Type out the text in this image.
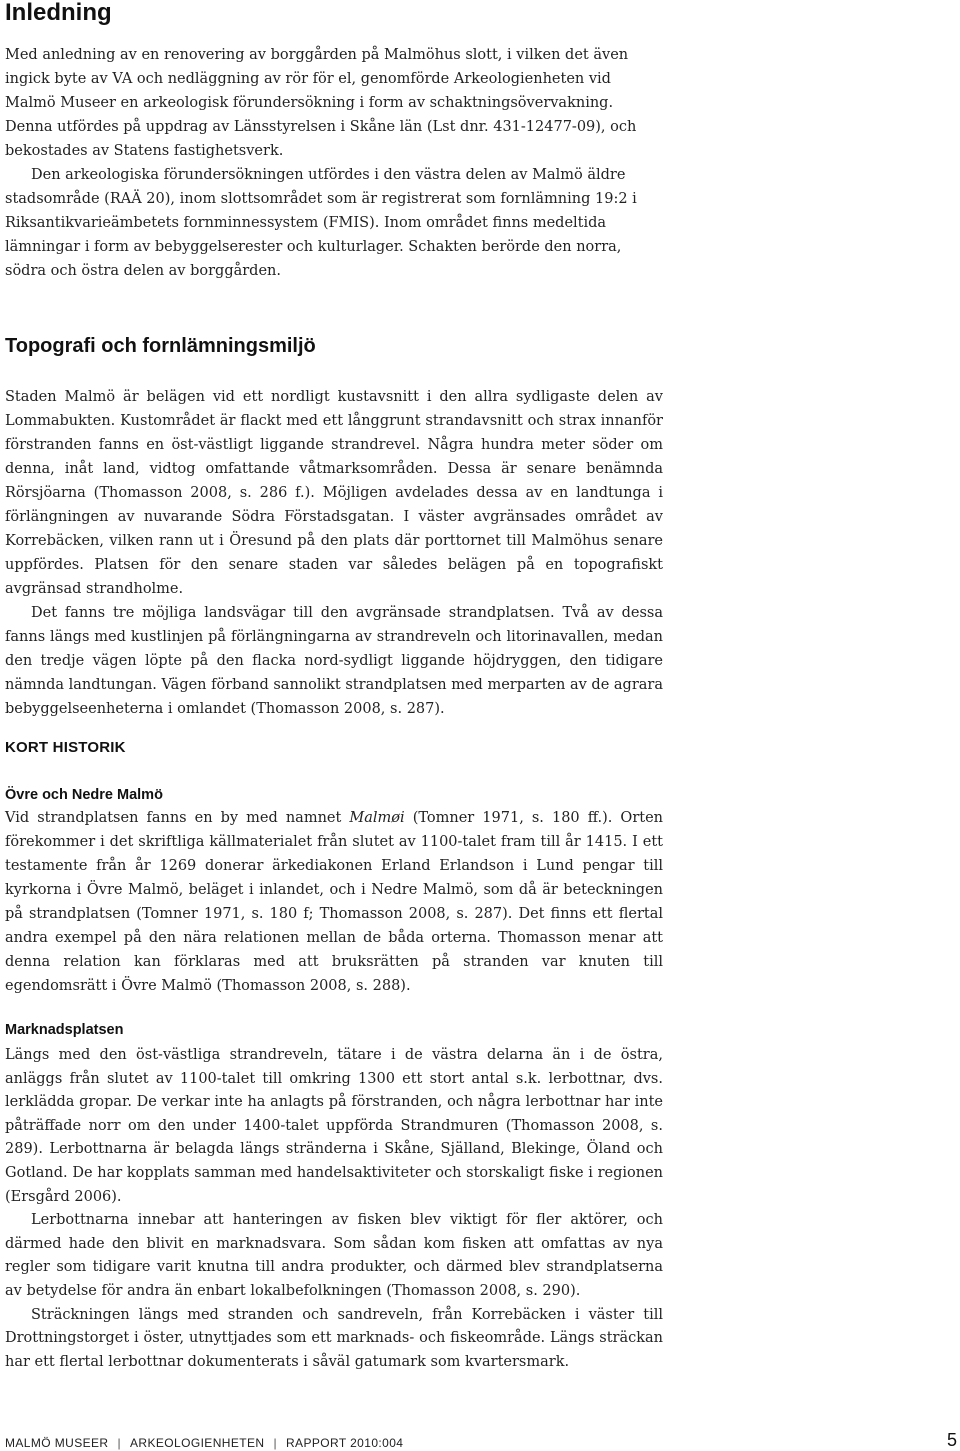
Inledning

Med anledning av en renovering av borggården på Malmöhus slott, i vilken det även ingick byte av VA och nedläggning av rör för el, genomförde Arkeologienheten vid Malmö Museer en arkeologisk förundersökning i form av schaktningsövervakning. Denna utfördes på uppdrag av Länsstyrelsen i Skåne län (Lst dnr. 431-12477-09), och bekostades av Statens fastighetsverk.

Den arkeologiska förundersökningen utfördes i den västra delen av Malmö äldre stadsområde (RAÄ 20), inom slottsområdet som är registrerat som fornlämning 19:2 i Riksantikvarieämbetets fornminnessystem (FMIS). Inom området finns medeltida lämningar i form av bebyggelserester och kulturlager. Schakten berörde den norra, södra och östra delen av borggården.

Topografi och fornlämningsmiljö

Staden Malmö är belägen vid ett nordligt kustavsnitt i den allra sydligaste delen av Lommabukten. Kustområdet är flackt med ett långgrunt strandavsnitt och strax innanför förstranden fanns en öst-västligt liggande strandrevel. Några hundra meter söder om denna, inåt land, vidtog omfattande våtmarksområden. Dessa är senare benämnda Rörsjöarna (Thomasson 2008, s. 286 f.). Möjligen avdelades dessa av en landtunga i förlängningen av nuvarande Södra Förstadsgatan. I väster avgränsades området av Korrebäcken, vilken rann ut i Öresund på den plats där porttornet till Malmöhus senare uppfördes. Platsen för den senare staden var således belägen på en topografiskt avgränsad strandholme.

Det fanns tre möjliga landsvägar till den avgränsade strandplatsen. Två av dessa fanns längs med kustlinjen på förlängningarna av strandreveln och litorinavallen, medan den tredje vägen löpte på den flacka nord-sydligt liggande höjdryggen, den tidigare nämnda landtungan. Vägen förband sannolikt strandplatsen med merparten av de agrara bebyggelseenheterna i omlandet (Thomasson 2008, s. 287).

KORT HISTORIK
Övre och Nedre Malmö

Vid strandplatsen fanns en by med namnet Malmøi (Tomner 1971, s. 180 ff.). Orten förekommer i det skriftliga källmaterialet från slutet av 1100-talet fram till år 1415. I ett testamente från år 1269 donerar ärkediakonen Erland Erlandson i Lund pengar till kyrkorna i Övre Malmö, beläget i inlandet, och i Nedre Malmö, som då är beteckningen på strandplatsen (Tomner 1971, s. 180 f; Thomasson 2008, s. 287). Det finns ett flertal andra exempel på den nära relationen mellan de båda orterna. Thomasson menar att denna relation kan förklaras med att bruksrätten på stranden var knuten till egendomsrätt i Övre Malmö (Thomasson 2008, s. 288).

Marknadsplatsen

Längs med den öst-västliga strandreveln, tätare i de västra delarna än i de östra, anläggs från slutet av 1100-talet till omkring 1300 ett stort antal s.k. lerbottnar, dvs. lerklädda gropar. De verkar inte ha anlagts på förstranden, och några lerbottnar har inte påträffade norr om den under 1400-talet uppförda Strandmuren (Thomasson 2008, s. 289). Lerbottnarna är belagda längs stränderna i Skåne, Själland, Blekinge, Öland och Gotland. De har kopplats samman med handelsaktiviteter och storskaligt fiske i regionen (Ersgård 2006).

Lerbottnarna innebar att hanteringen av fisken blev viktigt för fler aktörer, och därmed hade den blivit en marknadsvara. Som sådan kom fisken att omfattas av nya regler som tidigare varit knutna till andra produkter, och därmed blev strandplatserna av betydelse för andra än enbart lokalbefolkningen (Thomasson 2008, s. 290).

Sträckningen längs med stranden och sandreveln, från Korrebäcken i väster till Drottningstorget i öster, utnyttjades som ett marknads- och fiskeområde. Längs sträckan har ett flertal lerbottnar dokumenterats i såväl gatumark som kvartersmark.

MALMÖ MUSEER | ARKEOLOGIENHETEN | RAPPORT 2010:004	5
